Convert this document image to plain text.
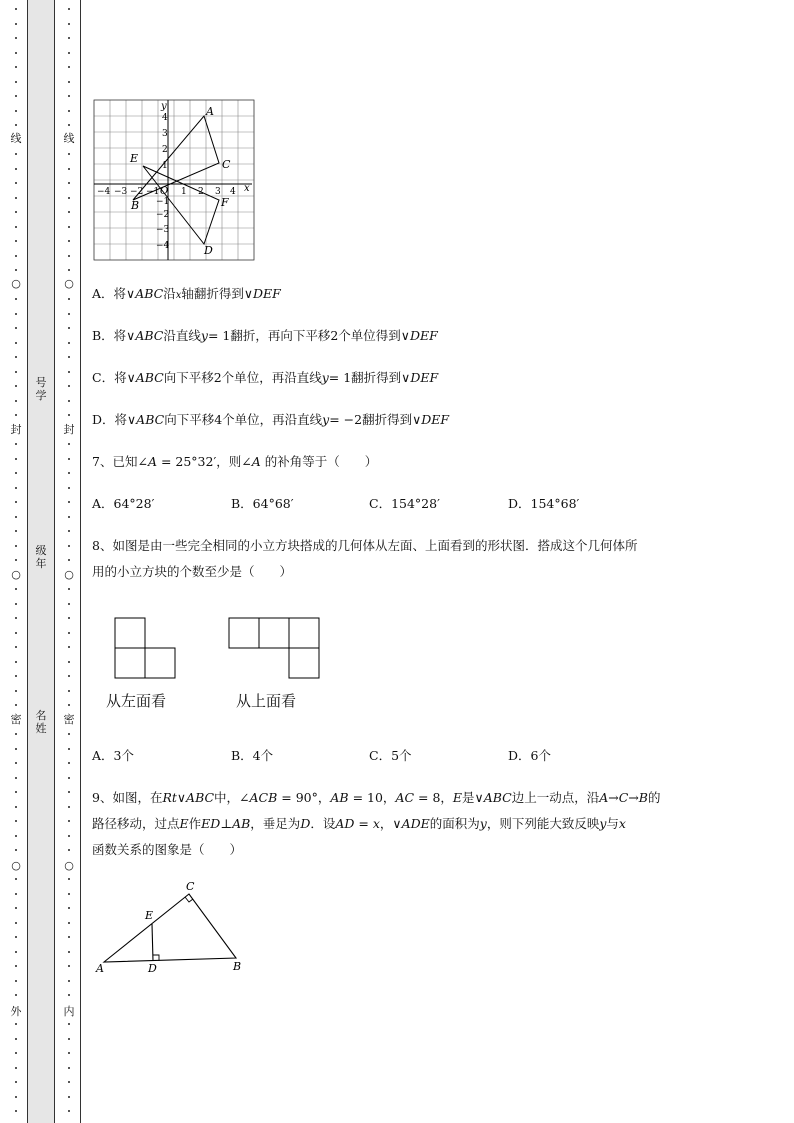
线
○
封
○
密
○
外
线
○
封
○
密
○
内
号学
级年
名姓
y
x
O
−4 −3 −2 −1 1 2 3 4
4
3
2
1
−1
−2
−3
−4
A
C
E
B	F
D
A．将∨ABC沿x轴翻折得到∨DEF
B．将∨ABC沿直线y= 1翻折，再向下平移2个单位得到∨DEF
C．将∨ABC向下平移2个单位，再沿直线y= 1翻折得到∨DEF
D．将∨ABC向下平移4个单位，再沿直线y= −2翻折得到∨DEF
7、已知∠A = 25°32′，则∠A 的补角等于（　　）
A．64°28′	B．64°68′	C．154°28′	D．154°68′
8、如图是由一些完全相同的小立方块搭成的几何体从左面、上面看到的形状图．搭成这个几何体所
用的小立方块的个数至少是（　　）
从左面看	从上面看
A．3个	B．4个	C．5个	D．6个
9、如图，在Rt∨ABC中，∠ACB = 90°，AB = 10，AC = 8，E是∨ABC边上一动点，沿A→C→B的
路径移动，过点E作ED⊥AB，垂足为D．设AD = x，∨ADE的面积为y，则下列能大致反映y与x
函数关系的图象是（　　）
A	B
C
D
E
